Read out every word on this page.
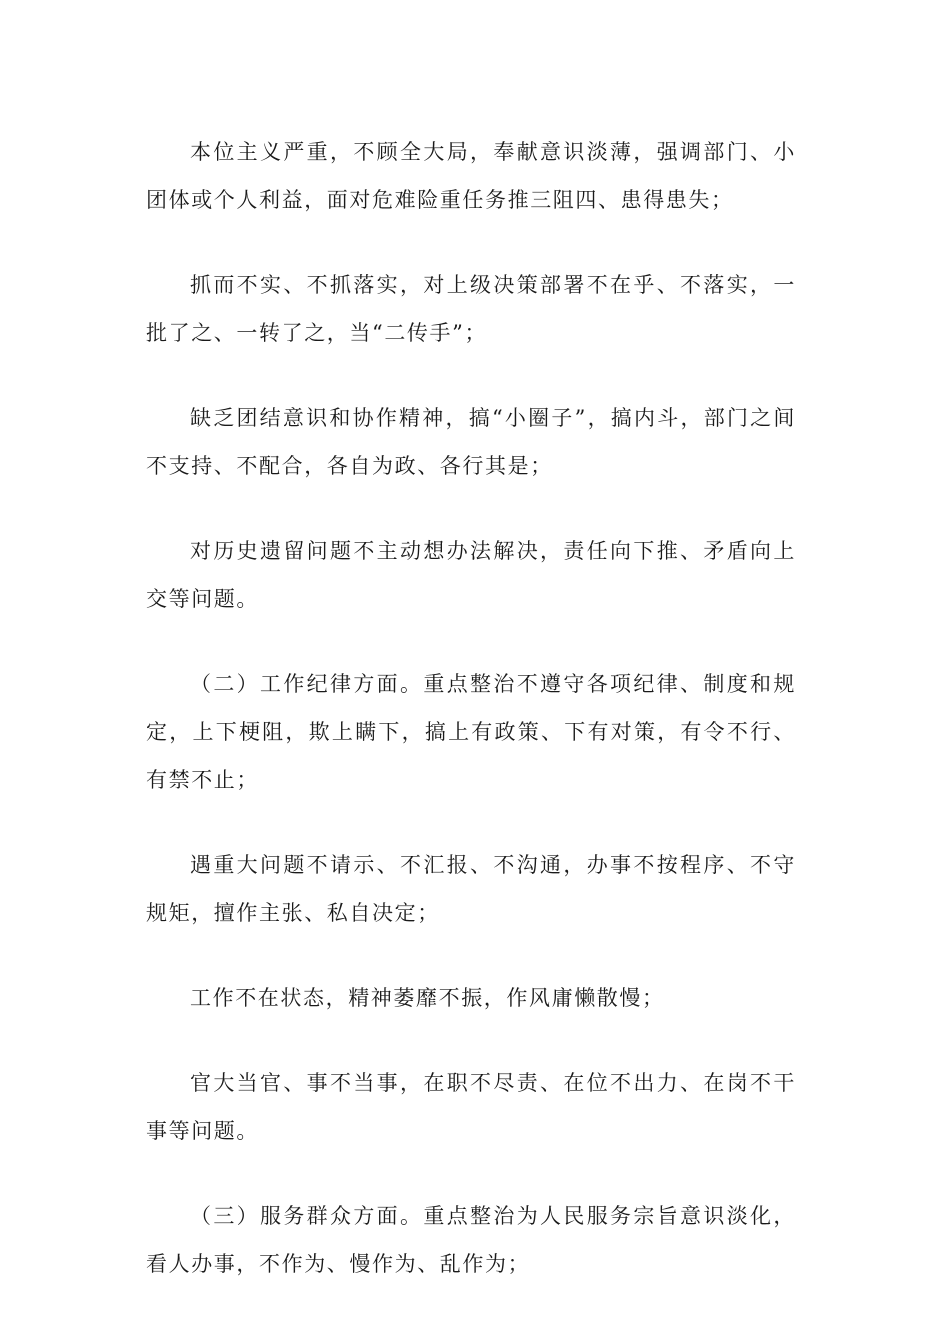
本位主义严重，不顾全大局，奉献意识淡薄，强调部门、小团体或个人利益，面对危难险重任务推三阻四、患得患失；

抓而不实、不抓落实，对上级决策部署不在乎、不落实，一批了之、一转了之，当“二传手”；

缺乏团结意识和协作精神，搞“小圈子”，搞内斗，部门之间不支持、不配合，各自为政、各行其是；

对历史遗留问题不主动想办法解决，责任向下推、矛盾向上交等问题。

（二）工作纪律方面。重点整治不遵守各项纪律、制度和规定，上下梗阻，欺上瞒下，搞上有政策、下有对策，有令不行、有禁不止；

遇重大问题不请示、不汇报、不沟通，办事不按程序、不守规矩，擅作主张、私自决定；

工作不在状态，精神萎靡不振，作风庸懒散慢；

官大当官、事不当事，在职不尽责、在位不出力、在岗不干事等问题。

（三）服务群众方面。重点整治为人民服务宗旨意识淡化，看人办事，不作为、慢作为、乱作为；
